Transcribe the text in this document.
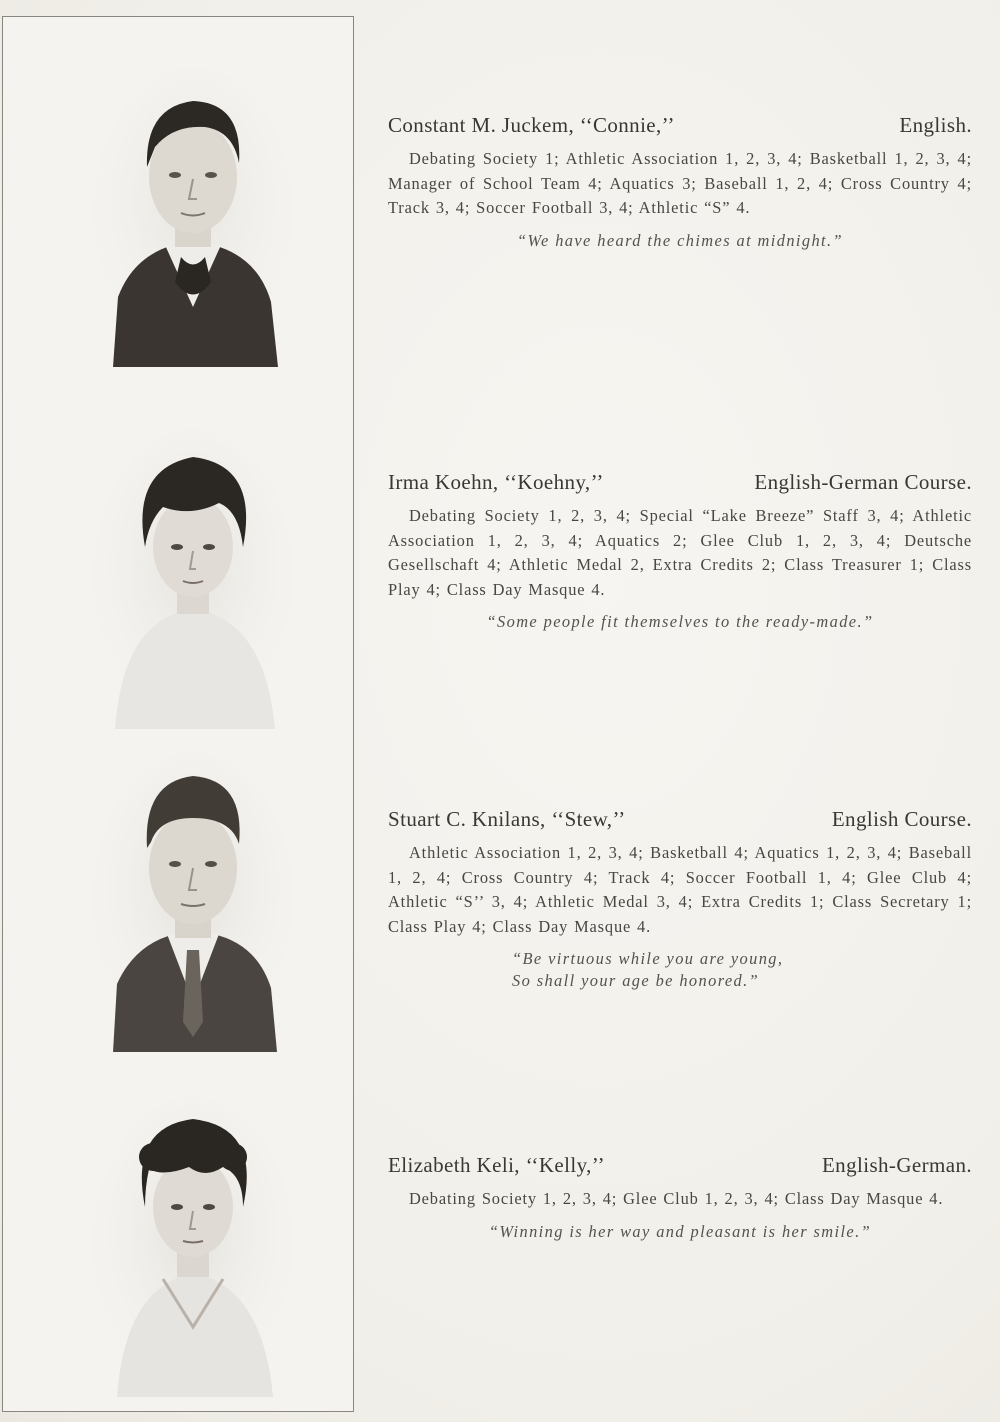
Constant M. Juckem, ‘‘Connie,’’	English.
Debating Society 1; Athletic Association 1, 2, 3, 4; Basketball 1, 2, 3, 4; Manager of School Team 4; Aquatics 3; Baseball 1, 2, 4; Cross Country 4; Track 3, 4; Soccer Football 3, 4; Athletic “S” 4.
“We have heard the chimes at midnight.”
Irma Koehn, ‘‘Koehny,’’	English-German Course.
Debating Society 1, 2, 3, 4; Special “Lake Breeze” Staff 3, 4; Athletic Association 1, 2, 3, 4; Aquatics 2; Glee Club 1, 2, 3, 4; Deutsche Gesellschaft 4; Athletic Medal 2, Extra Credits 2; Class Treasurer 1; Class Play 4; Class Day Masque 4.
“Some people fit themselves to the ready-made.”
Stuart C. Knilans, ‘‘Stew,’’	English Course.
Athletic Association 1, 2, 3, 4; Basketball 4; Aquatics 1, 2, 3, 4; Baseball 1, 2, 4; Cross Country 4; Track 4; Soccer Football 1, 4; Glee Club 4; Athletic “S’’ 3, 4; Athletic Medal 3, 4; Extra Credits 1; Class Secretary 1; Class Play 4; Class Day Masque 4.
“Be virtuous while you are young,
So shall your age be honored.”
Elizabeth Keli, ‘‘Kelly,’’	English-German.
Debating Society 1, 2, 3, 4; Glee Club 1, 2, 3, 4; Class Day Masque 4.
“Winning is her way and pleasant is her smile.”
